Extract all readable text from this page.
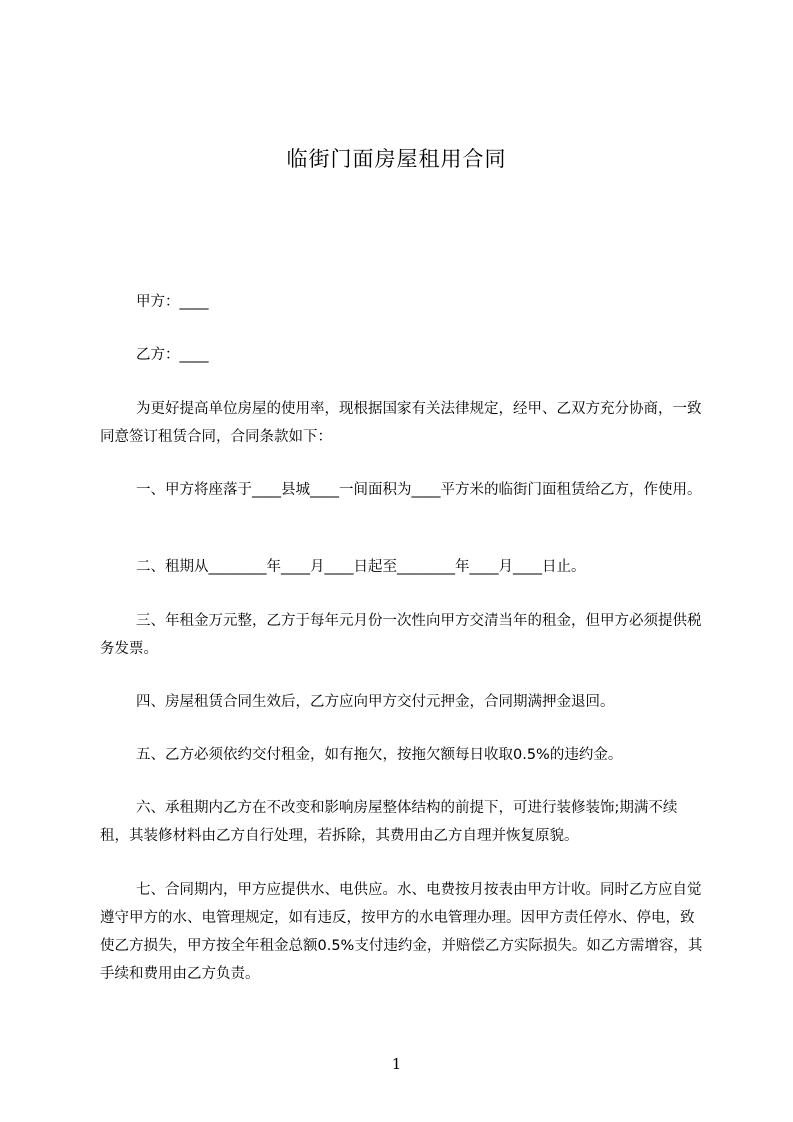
临街门面房屋租用合同
甲方：____
乙方：____
为更好提高单位房屋的使用率，现根据国家有关法律规定，经甲、乙双方充分协商，一致同意签订租赁合同，合同条款如下：
一、甲方将座落于____县城____一间面积为____平方米的临街门面租赁给乙方，作使用。
二、租期从________年____月____日起至________年____月____日止。
三、年租金万元整，乙方于每年元月份一次性向甲方交清当年的租金，但甲方必须提供税务发票。
四、房屋租赁合同生效后，乙方应向甲方交付元押金，合同期满押金退回。
五、乙方必须依约交付租金，如有拖欠，按拖欠额每日收取0.5%的违约金。
六、承租期内乙方在不改变和影响房屋整体结构的前提下，可进行装修装饰;期满不续租，其装修材料由乙方自行处理，若拆除，其费用由乙方自理并恢复原貌。
七、合同期内，甲方应提供水、电供应。水、电费按月按表由甲方计收。同时乙方应自觉遵守甲方的水、电管理规定，如有违反，按甲方的水电管理办理。因甲方责任停水、停电，致使乙方损失，甲方按全年租金总额0.5%支付违约金，并赔偿乙方实际损失。如乙方需增容，其手续和费用由乙方负责。
1
